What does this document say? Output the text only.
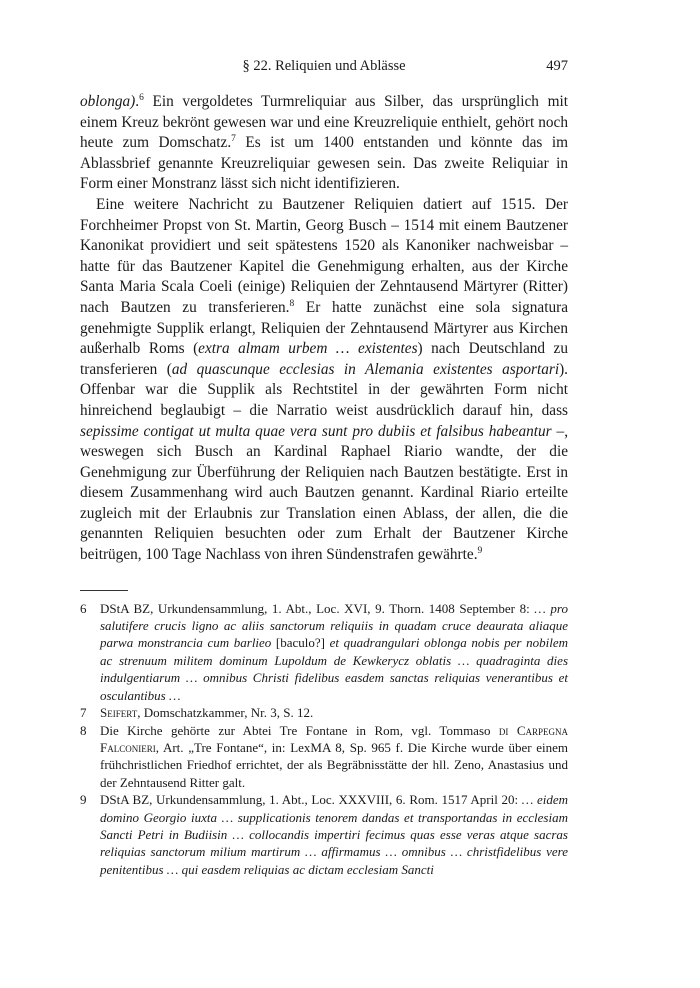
§ 22. Reliquien und Ablässe	497

oblonga).$^6$ Ein vergoldetes Turmreliquiar aus Silber, das ursprünglich mit einem Kreuz bekrönt gewesen war und eine Kreuzreliquie enthielt, gehört noch heute zum Domschatz.$^7$ Es ist um 1400 entstanden und könnte das im Ablassbrief genannte Kreuzreliquiar gewesen sein. Das zweite Reliquiar in Form einer Monstranz lässt sich nicht identifizieren.

Eine weitere Nachricht zu Bautzener Reliquien datiert auf 1515. Der Forchheimer Propst von St. Martin, Georg Busch – 1514 mit einem Bautzener Kanonikat providiert und seit spätestens 1520 als Kanoniker nachweisbar – hatte für das Bautzener Kapitel die Genehmigung erhalten, aus der Kirche Santa Maria Scala Coeli (einige) Reliquien der Zehntausend Märtyrer (Ritter) nach Bautzen zu transferieren.$^8$ Er hatte zunächst eine sola signatura genehmigte Supplik erlangt, Reliquien der Zehntausend Märtyrer aus Kirchen außerhalb Roms (extra almam urbem … existentes) nach Deutschland zu transferieren (ad quascunque ecclesias in Alemania existentes asportari). Offenbar war die Supplik als Rechtstitel in der gewährten Form nicht hinreichend beglaubigt – die Narratio weist ausdrücklich darauf hin, dass sepissime contigat ut multa quae vera sunt pro dubiis et falsibus habeantur –, weswegen sich Busch an Kardinal Raphael Riario wandte, der die Genehmigung zur Überführung der Reliquien nach Bautzen bestätigte. Erst in diesem Zusammenhang wird auch Bautzen genannt. Kardinal Riario erteilte zugleich mit der Erlaubnis zur Translation einen Ablass, der allen, die die genannten Reliquien besuchten oder zum Erhalt der Bautzener Kirche beitrügen, 100 Tage Nachlass von ihren Sündenstrafen gewährte.$^9$

6	DStA BZ, Urkundensammlung, 1. Abt., Loc. XVI, 9. Thorn. 1408 September 8: … pro salutifere crucis ligno ac aliis sanctorum reliquiis in quadam cruce deaurata aliaque parwa monstrancia cum barlieo [baculo?] et quadrangulari oblonga nobis per nobilem ac strenuum militem dominum Lupoldum de Kewkerycz oblatis … quadraginta dies indulgentiarum … omnibus Christi fidelibus easdem sanctas reliquias venerantibus et osculantibus …
7	Seifert, Domschatzkammer, Nr. 3, S. 12.
8	Die Kirche gehörte zur Abtei Tre Fontane in Rom, vgl. Tommaso di Carpegna Falconieri, Art. „Tre Fontane“, in: LexMA 8, Sp. 965 f. Die Kirche wurde über einem frühchristlichen Friedhof errichtet, der als Begräbnisstätte der hll. Zeno, Anastasius und der Zehntausend Ritter galt.
9	DStA BZ, Urkundensammlung, 1. Abt., Loc. XXXVIII, 6. Rom. 1517 April 20: … eidem domino Georgio iuxta … supplicationis tenorem dandas et transportandas in ecclesiam Sancti Petri in Budiisin … collocandis impertiri fecimus quas esse veras atque sacras reliquias sanctorum milium martirum … affirmamus … omnibus … christfidelibus vere penitentibus … qui easdem reliquias ac dictam ecclesiam Sancti
